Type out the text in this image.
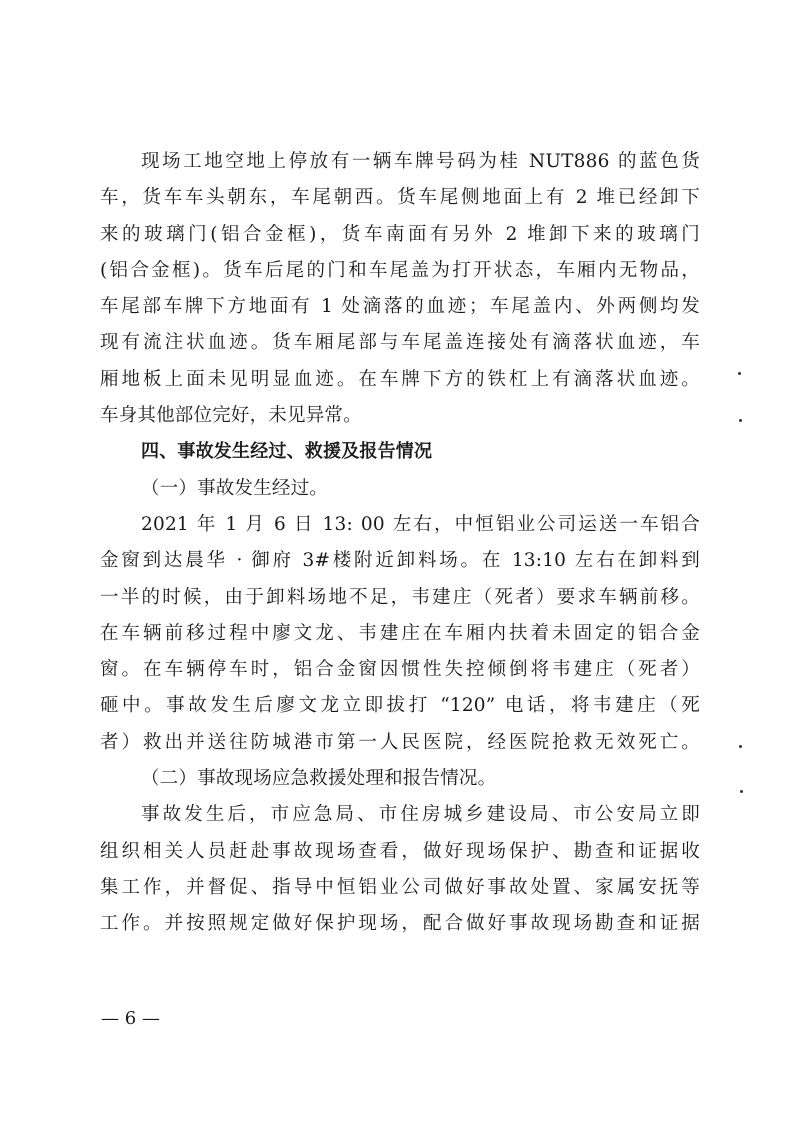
现场工地空地上停放有一辆车牌号码为桂 NUT886 的蓝色货
车，货车车头朝东，车尾朝西。货车尾侧地面上有 2 堆已经卸下
来的玻璃门(铝合金框)，货车南面有另外 2 堆卸下来的玻璃门
(铝合金框)。货车后尾的门和车尾盖为打开状态，车厢内无物品，
车尾部车牌下方地面有 1 处滴落的血迹；车尾盖内、外两侧均发
现有流注状血迹。货车厢尾部与车尾盖连接处有滴落状血迹，车
厢地板上面未见明显血迹。在车牌下方的铁杠上有滴落状血迹。
车身其他部位完好，未见异常。
四、事故发生经过、救援及报告情况
（一）事故发生经过。
2021 年 1 月 6 日 13: 00 左右，中恒铝业公司运送一车铝合
金窗到达晨华 · 御府 3#楼附近卸料场。在 13:10 左右在卸料到
一半的时候，由于卸料场地不足，韦建庄（死者）要求车辆前移。
在车辆前移过程中廖文龙、韦建庄在车厢内扶着未固定的铝合金
窗。在车辆停车时，铝合金窗因惯性失控倾倒将韦建庄（死者）
砸中。事故发生后廖文龙立即拔打 “120” 电话，将韦建庄（死
者）救出并送往防城港市第一人民医院，经医院抢救无效死亡。
（二）事故现场应急救援处理和报告情况。
事故发生后，市应急局、市住房城乡建设局、市公安局立即
组织相关人员赶赴事故现场查看，做好现场保护、勘查和证据收
集工作，并督促、指导中恒铝业公司做好事故处置、家属安抚等
工作。并按照规定做好保护现场，配合做好事故现场勘查和证据
— 6 —
